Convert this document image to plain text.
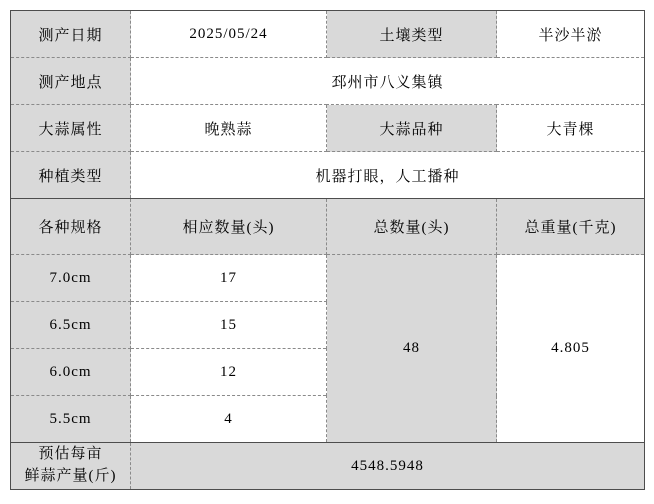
测产日期	2025/05/24	土壤类型	半沙半淤
测产地点	邳州市八义集镇		
大蒜属性	晚熟蒜	大蒜品种	大青棵
种植类型	机器打眼，人工播种		
各种规格	相应数量(头)	总数量(头)	总重量(千克)
7.0cm	17	48	4.805
6.5cm	15		
6.0cm	12		
5.5cm	4		
预估每亩
鲜蒜产量(斤)	4548.5948		
